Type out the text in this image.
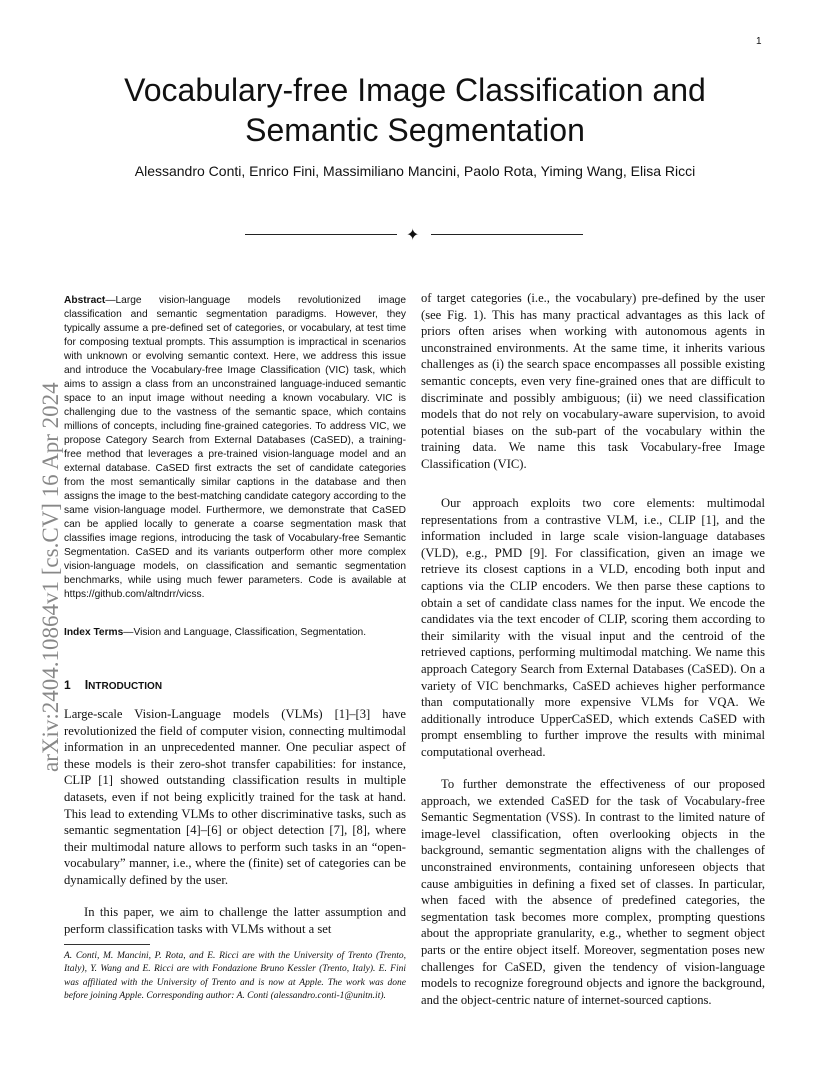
1
Vocabulary-free Image Classification and Semantic Segmentation
Alessandro Conti, Enrico Fini, Massimiliano Mancini, Paolo Rota, Yiming Wang, Elisa Ricci
✦
arXiv:2404.10864v1 [cs.CV] 16 Apr 2024

Abstract—Large vision-language models revolutionized image classification and semantic segmentation paradigms. However, they typically assume a pre-defined set of categories, or vocabulary, at test time for composing textual prompts. This assumption is impractical in scenarios with unknown or evolving semantic context. Here, we address this issue and introduce the Vocabulary-free Image Classification (VIC) task, which aims to assign a class from an unconstrained language-induced semantic space to an input image without needing a known vocabulary. VIC is challenging due to the vastness of the semantic space, which contains millions of concepts, including fine-grained categories. To address VIC, we propose Category Search from External Databases (CaSED), a training-free method that leverages a pre-trained vision-language model and an external database. CaSED first extracts the set of candidate categories from the most semantically similar captions in the database and then assigns the image to the best-matching candidate category according to the same vision-language model. Furthermore, we demonstrate that CaSED can be applied locally to generate a coarse segmentation mask that classifies image regions, introducing the task of Vocabulary-free Semantic Segmentation. CaSED and its variants outperform other more complex vision-language models, on classification and semantic segmentation benchmarks, while using much fewer parameters. Code is available at https://github.com/altndrr/vicss.

Index Terms—Vision and Language, Classification, Segmentation.

1 INTRODUCTION

Large-scale Vision-Language models (VLMs) [1]–[3] have revolutionized the field of computer vision, connecting multimodal information in an unprecedented manner. One peculiar aspect of these models is their zero-shot transfer capabilities: for instance, CLIP [1] showed outstanding classification results in multiple datasets, even if not being explicitly trained for the task at hand. This lead to extending VLMs to other discriminative tasks, such as semantic segmentation [4]–[6] or object detection [7], [8], where their multimodal nature allows to perform such tasks in an “open-vocabulary” manner, i.e., where the (finite) set of categories can be dynamically defined by the user.

In this paper, we aim to challenge the latter assumption and perform classification tasks with VLMs without a set

A. Conti, M. Mancini, P. Rota, and E. Ricci are with the University of Trento (Trento, Italy), Y. Wang and E. Ricci are with Fondazione Bruno Kessler (Trento, Italy). E. Fini was affiliated with the University of Trento and is now at Apple. The work was done before joining Apple. Corresponding author: A. Conti (alessandro.conti-1@unitn.it).

of target categories (i.e., the vocabulary) pre-defined by the user (see Fig. 1). This has many practical advantages as this lack of priors often arises when working with autonomous agents in unconstrained environments. At the same time, it inherits various challenges as (i) the search space encompasses all possible existing semantic concepts, even very fine-grained ones that are difficult to discriminate and possibly ambiguous; (ii) we need classification models that do not rely on vocabulary-aware supervision, to avoid potential biases on the sub-part of the vocabulary within the training data. We name this task Vocabulary-free Image Classification (VIC).

Our approach exploits two core elements: multimodal representations from a contrastive VLM, i.e., CLIP [1], and the information included in large scale vision-language databases (VLD), e.g., PMD [9]. For classification, given an image we retrieve its closest captions in a VLD, encoding both input and captions via the CLIP encoders. We then parse these captions to obtain a set of candidate class names for the input. We encode the candidates via the text encoder of CLIP, scoring them according to their similarity with the visual input and the centroid of the retrieved captions, performing multimodal matching. We name this approach Category Search from External Databases (CaSED). On a variety of VIC benchmarks, CaSED achieves higher performance than computationally more expensive VLMs for VQA. We additionally introduce UpperCaSED, which extends CaSED with prompt ensembling to further improve the results with minimal computational overhead.

To further demonstrate the effectiveness of our proposed approach, we extended CaSED for the task of Vocabulary-free Semantic Segmentation (VSS). In contrast to the limited nature of image-level classification, often overlooking objects in the background, semantic segmentation aligns with the challenges of unconstrained environments, containing unforeseen objects that cause ambiguities in defining a fixed set of classes. In particular, when faced with the absence of predefined categories, the segmentation task becomes more complex, prompting questions about the appropriate granularity, e.g., whether to segment object parts or the entire object itself. Moreover, segmentation poses new challenges for CaSED, given the tendency of vision-language models to recognize foreground objects and ignore the background, and the object-centric nature of internet-sourced captions.
